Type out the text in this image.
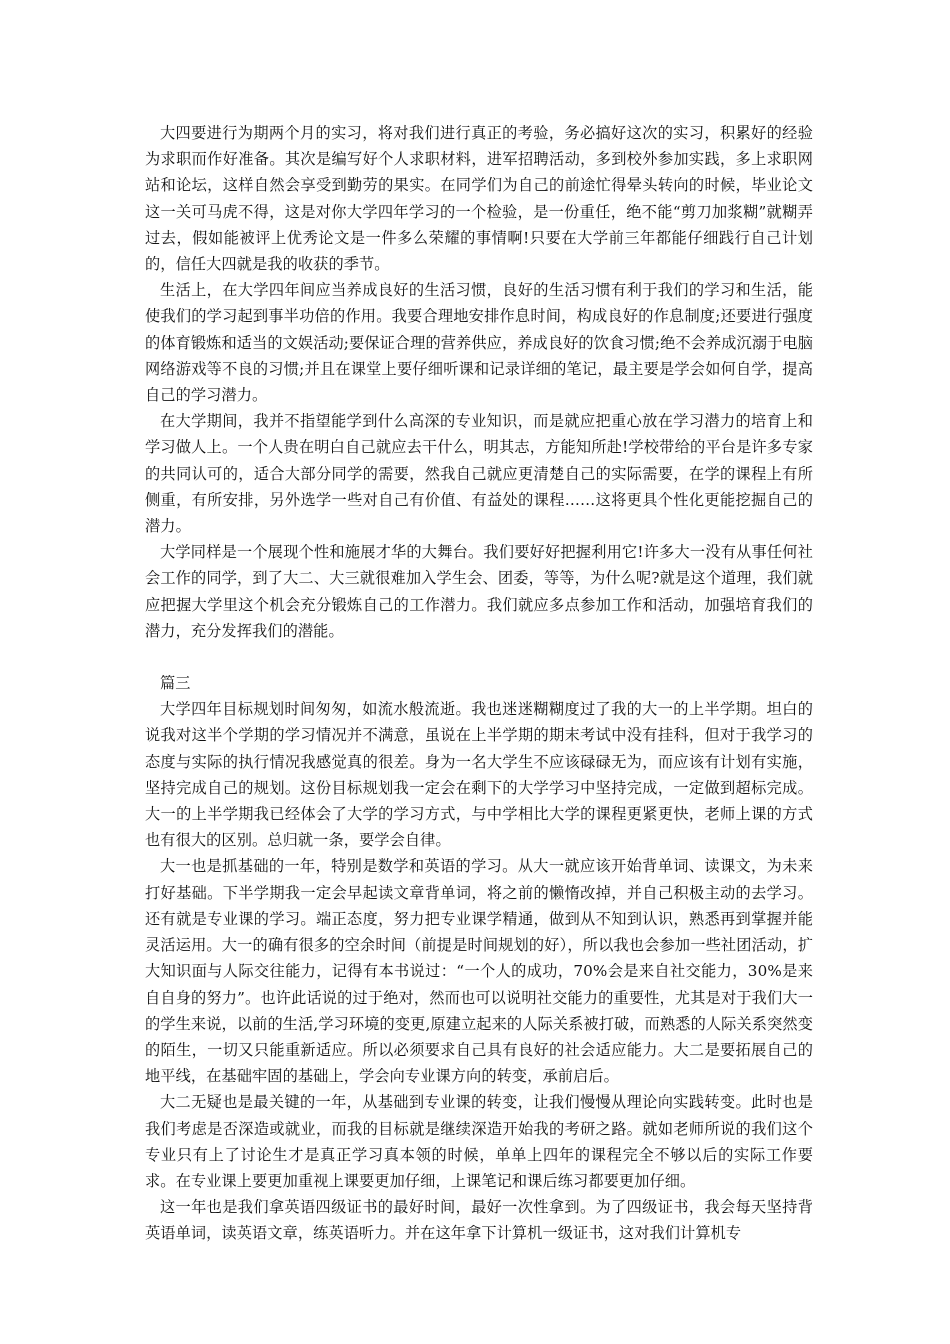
大四要进行为期两个月的实习，将对我们进行真正的考验，务必搞好这次的实习，积累好的经验为求职而作好准备。其次是编写好个人求职材料，进军招聘活动，多到校外参加实践，多上求职网站和论坛，这样自然会享受到勤劳的果实。在同学们为自己的前途忙得晕头转向的时候，毕业论文这一关可马虎不得，这是对你大学四年学习的一个检验，是一份重任，绝不能“剪刀加浆糊”就糊弄过去，假如能被评上优秀论文是一件多么荣耀的事情啊!只要在大学前三年都能仔细践行自己计划的，信任大四就是我的收获的季节。

生活上，在大学四年间应当养成良好的生活习惯，良好的生活习惯有利于我们的学习和生活，能使我们的学习起到事半功倍的作用。我要合理地安排作息时间，构成良好的作息制度;还要进行强度的体育锻炼和适当的文娱活动;要保证合理的营养供应，养成良好的饮食习惯;绝不会养成沉溺于电脑网络游戏等不良的习惯;并且在课堂上要仔细听课和记录详细的笔记，最主要是学会如何自学，提高自己的学习潜力。

在大学期间，我并不指望能学到什么高深的专业知识，而是就应把重心放在学习潜力的培育上和学习做人上。一个人贵在明白自己就应去干什么，明其志，方能知所赴!学校带给的平台是许多专家的共同认可的，适合大部分同学的需要，然我自己就应更清楚自己的实际需要，在学的课程上有所侧重，有所安排，另外选学一些对自己有价值、有益处的课程……这将更具个性化更能挖掘自己的潜力。

大学同样是一个展现个性和施展才华的大舞台。我们要好好把握利用它!许多大一没有从事任何社会工作的同学，到了大二、大三就很难加入学生会、团委，等等，为什么呢?就是这个道理，我们就应把握大学里这个机会充分锻炼自己的工作潜力。我们就应多点参加工作和活动，加强培育我们的潜力，充分发挥我们的潜能。

篇三

大学四年目标规划时间匆匆，如流水般流逝。我也迷迷糊糊度过了我的大一的上半学期。坦白的说我对这半个学期的学习情况并不满意，虽说在上半学期的期末考试中没有挂科，但对于我学习的态度与实际的执行情况我感觉真的很差。身为一名大学生不应该碌碌无为，而应该有计划有实施，坚持完成自己的规划。这份目标规划我一定会在剩下的大学学习中坚持完成，一定做到超标完成。大一的上半学期我已经体会了大学的学习方式，与中学相比大学的课程更紧更快，老师上课的方式也有很大的区别。总归就一条，要学会自律。

大一也是抓基础的一年，特别是数学和英语的学习。从大一就应该开始背单词、读课文，为未来打好基础。下半学期我一定会早起读文章背单词，将之前的懒惰改掉，并自己积极主动的去学习。还有就是专业课的学习。端正态度，努力把专业课学精通，做到从不知到认识，熟悉再到掌握并能灵活运用。大一的确有很多的空余时间（前提是时间规划的好），所以我也会参加一些社团活动，扩大知识面与人际交往能力，记得有本书说过：“一个人的成功，70%会是来自社交能力，30%是来自自身的努力”。也许此话说的过于绝对，然而也可以说明社交能力的重要性，尤其是对于我们大一的学生来说，以前的生活,学习环境的变更,原建立起来的人际关系被打破，而熟悉的人际关系突然变的陌生，一切又只能重新适应。所以必须要求自己具有良好的社会适应能力。大二是要拓展自己的地平线，在基础牢固的基础上，学会向专业课方向的转变，承前启后。

大二无疑也是最关键的一年，从基础到专业课的转变，让我们慢慢从理论向实践转变。此时也是我们考虑是否深造或就业，而我的目标就是继续深造开始我的考研之路。就如老师所说的我们这个专业只有上了讨论生才是真正学习真本领的时候，单单上四年的课程完全不够以后的实际工作要求。在专业课上要更加重视上课要更加仔细，上课笔记和课后练习都要更加仔细。

这一年也是我们拿英语四级证书的最好时间，最好一次性拿到。为了四级证书，我会每天坚持背英语单词，读英语文章，练英语听力。并在这年拿下计算机一级证书，这对我们计算机专
